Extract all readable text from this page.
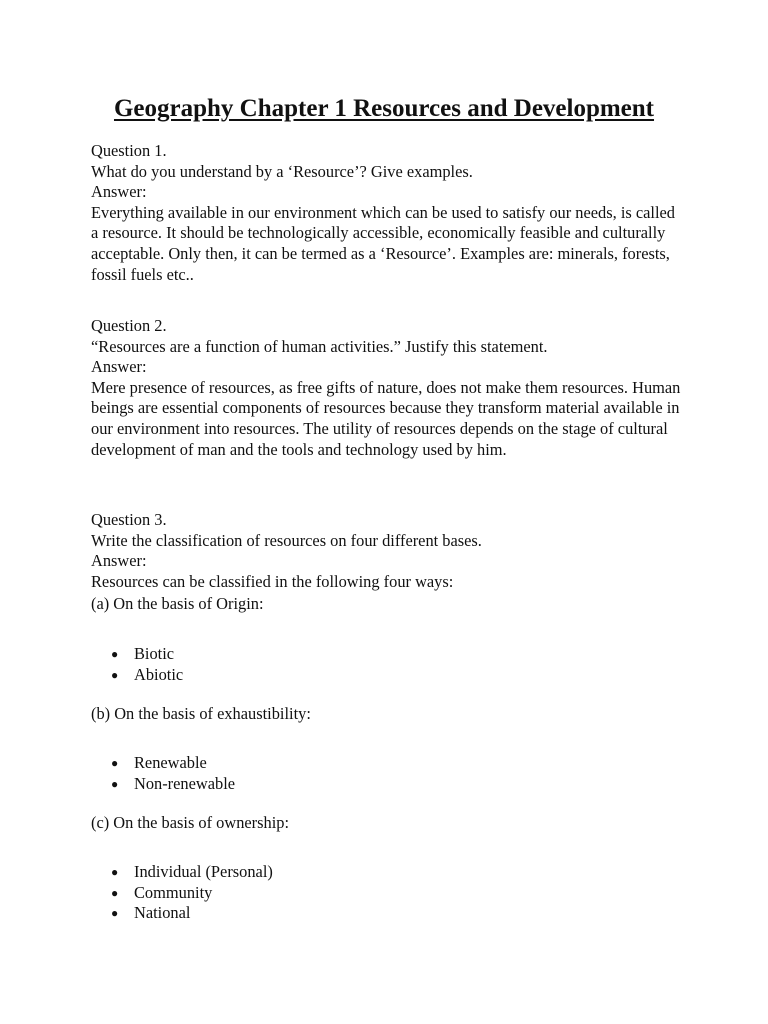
Geography Chapter 1 Resources and Development

Question 1.

What do you understand by a ‘Resource’? Give examples.

Answer:

Everything available in our environment which can be used to satisfy our needs, is called a resource. It should be technologically accessible, economically feasible and culturally acceptable. Only then, it can be termed as a ‘Resource’. Examples are: minerals, forests, fossil fuels etc..

Question 2.

“Resources are a function of human activities.” Justify this statement.

Answer:

Mere presence of resources, as free gifts of nature, does not make them resources. Human beings are essential components of resources because they transform material available in our environment into resources. The utility of resources depends on the stage of cultural development of man and the tools and technology used by him.

Question 3.

Write the classification of resources on four different bases.

Answer:

Resources can be classified in the following four ways:

(a) On the basis of Origin:
● Biotic
● Abiotic
(b) On the basis of exhaustibility:
● Renewable
● Non-renewable
(c) On the basis of ownership:
● Individual (Personal)
● Community
● National
